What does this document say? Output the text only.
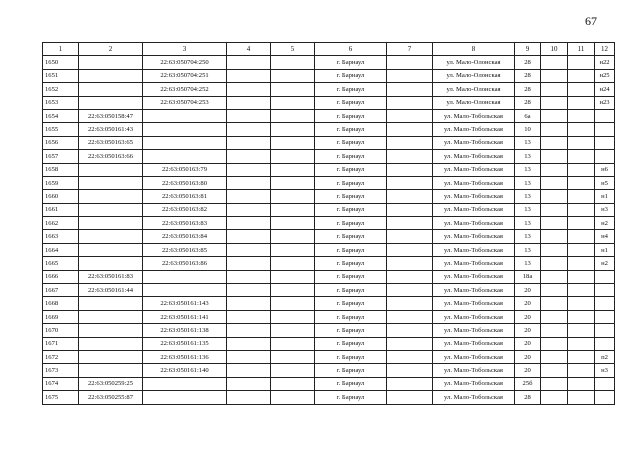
67
1	2	3	4	5	6	7	8	9	10	11	12
1650		22:63:050704:250			г. Барнаул		ул. Мало-Олонская	28			н22
1651		22:63:050704:251			г. Барнаул		ул. Мало-Олонская	28			н25
1652		22:63:050704:252			г. Барнаул		ул. Мало-Олонская	28			н24
1653		22:63:050704:253			г. Барнаул		ул. Мало-Олонская	28			н23
1654	22:63:050158:47				г. Барнаул		ул. Мало-Тобольская	6а			
1655	22:63:050161:43				г. Барнаул		ул. Мало-Тобольская	10			
1656	22:63:050163:65				г. Барнаул		ул. Мало-Тобольская	13			
1657	22:63:050163:66				г. Барнаул		ул. Мало-Тобольская	13			
1658		22:63:050163:79			г. Барнаул		ул. Мало-Тобольская	13			н6
1659		22:63:050163:80			г. Барнаул		ул. Мало-Тобольская	13			н5
1660		22:63:050163:81			г. Барнаул		ул. Мало-Тобольская	13			н1
1661		22:63:050163:82			г. Барнаул		ул. Мало-Тобольская	13			н3
1662		22:63:050163:83			г. Барнаул		ул. Мало-Тобольская	13			н2
1663		22:63:050163:84			г. Барнаул		ул. Мало-Тобольская	13			н4
1664		22:63:050163:85			г. Барнаул		ул. Мало-Тобольская	13			н1
1665		22:63:050163:86			г. Барнаул		ул. Мало-Тобольская	13			н2
1666	22:63:050161:83				г. Барнаул		ул. Мало-Тобольская	18а			
1667	22:63:050161:44				г. Барнаул		ул. Мало-Тобольская	20			
1668		22:63:050161:143			г. Барнаул		ул. Мало-Тобольская	20			
1669		22:63:050161:141			г. Барнаул		ул. Мало-Тобольская	20			
1670		22:63:050161:138			г. Барнаул		ул. Мало-Тобольская	20			
1671		22:63:050161:135			г. Барнаул		ул. Мало-Тобольская	20			
1672		22:63:050161:136			г. Барнаул		ул. Мало-Тобольская	20			п2
1673		22:63:050161:140			г. Барнаул		ул. Мало-Тобольская	20			н3
1674	22:63:050259:25				г. Барнаул		ул. Мало-Тобольская	25б			
1675	22:63:050255:87				г. Барнаул		ул. Мало-Тобольская	28			
